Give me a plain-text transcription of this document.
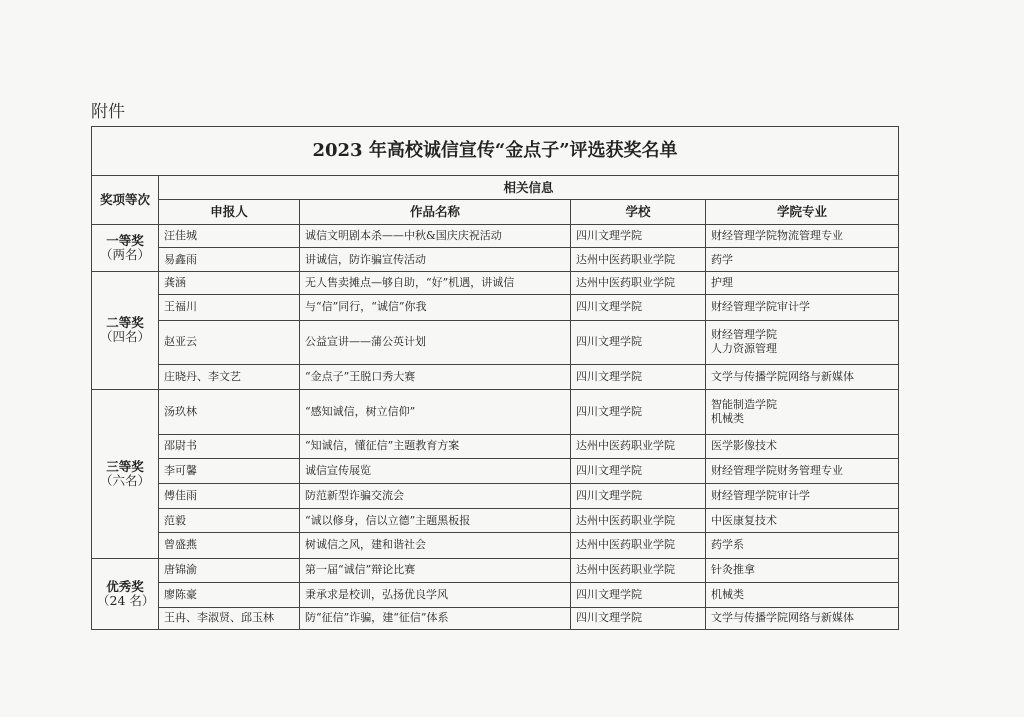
附件
2023 年高校诚信宣传“金点子”评选获奖名单				
奖项等次	相关信息			
	申报人	作品名称	学校	学院专业

一等奖
（两名）	汪佳城	诚信文明剧本杀——中秋&国庆庆祝活动	四川文理学院	财经管理学院物流管理专业

	易鑫雨	讲诚信，防诈骗宣传活动	达州中医药职业学院	药学

二等奖
（四名）	龚涵	无人售卖摊点—够自助，“好”机遇，讲诚信	达州中医药职业学院	护理

	王福川	与“信”同行，“诚信”你我	四川文理学院	财经管理学院审计学

	赵亚云	公益宣讲——蒲公英计划	四川文理学院	财经管理学院
人力资源管理

	庄晓丹、李文艺	“金点子”王脱口秀大赛	四川文理学院	文学与传播学院网络与新媒体

三等奖
（六名）	汤玖林	“感知诚信，树立信仰”	四川文理学院	智能制造学院
机械类

	邵尉书	“知诚信，懂征信”主题教育方案	达州中医药职业学院	医学影像技术

	李可馨	诚信宣传展览	四川文理学院	财经管理学院财务管理专业

	傅佳雨	防范新型诈骗交流会	四川文理学院	财经管理学院审计学

	范毅	“诚以修身，信以立德”主题黑板报	达州中医药职业学院	中医康复技术

	曾盛燕	树诚信之风，建和谐社会	达州中医药职业学院	药学系

优秀奖
（24 名）	唐锦渝	第一届“诚信”辩论比赛	达州中医药职业学院	针灸推拿

	廖陈豪	秉承求是校训，弘扬优良学风	四川文理学院	机械类

	王冉、李淑贤、邱玉林	防“征信”诈骗，建“征信”体系	四川文理学院	文学与传播学院网络与新媒体
